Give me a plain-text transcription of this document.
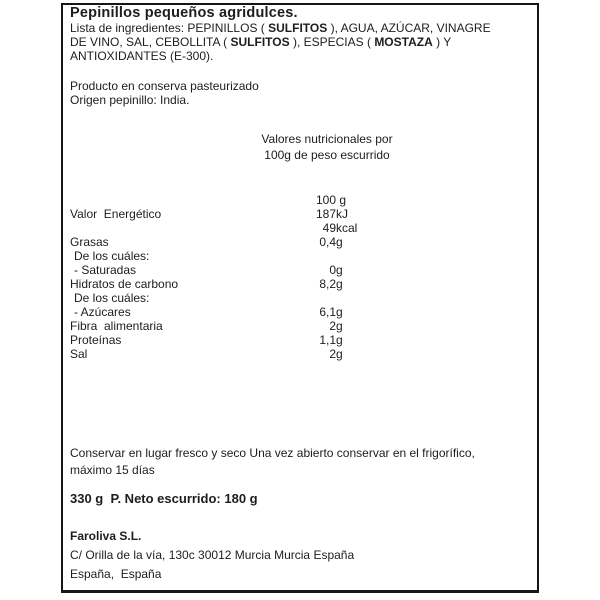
Pepinillos pequeños agridulces.
Lista de ingredientes: PEPINILLOS ( SULFITOS ), AGUA, AZÚCAR, VINAGRE
DE VINO, SAL, CEBOLLITA ( SULFITOS ), ESPECIAS ( MOSTAZA ) Y
ANTIOXIDANTES (E-300).
Producto en conserva pasteurizado
Origen pepinillo: India.
Valores nutricionales por
100g de peso escurrido
100 g
Valor  Energético	187 kJ
49 kcal
Grasas	0,4 g
De los cuáles:
- Saturadas	0 g
Hidratos de carbono	8,2 g
De los cuáles:
- Azúcares	6,1 g
Fibra  alimentaria	2 g
Proteínas	1,1 g
Sal	2 g
Conservar en lugar fresco y seco Una vez abierto conservar en el frigorífico,
máximo 15 días
330 g  P. Neto escurrido: 180 g
Faroliva S.L.
C/ Orilla de la vía, 130c 30012 Murcia Murcia España
España,  España
